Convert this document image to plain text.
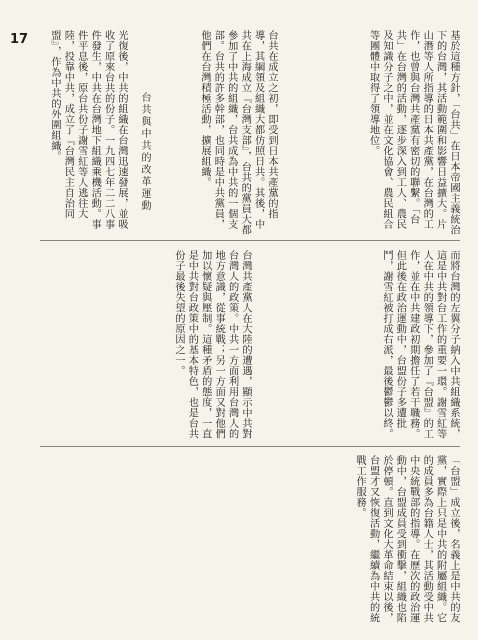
17	基於這種方針，「台共」在日本帝國主義統治下的台灣，其活動範圍和影響日益擴大。片山潛等人所指導的日本共產黨，在台灣的工作，也曾與台灣共產黨有密切的聯繫。「台共」在台灣的活動，逐步深入到工人、農民及知識分子之中，並在文化協會、農民組合等團體中取得了領導地位。
台共在成立之初，即受到日本共產黨的指導，其綱領及組織大都仿照日共。其後，中共在上海成立『台灣支部』，台共的黨員大都參加了中共的組織，台共成為中共的一個支部。台共的許多幹部，也同時是中共黨員，他們在台灣積極活動，擴展組織。
台共與中共的改革運動
光復後，中共的組織在台灣迅速發展，並吸收了原來台共的份子。一九四七年二二八事件發生，中共在台灣地下組織乘機活動。事件平息後，原台共份子謝雪紅等人逃往大陸，投靠中共，成立了『台灣民主自治同盟』，作為中共的外圍組織。
而將台灣的左翼分子納入中共組織系統，這是中共對台工作的重要一環。謝雪紅等人在中共的領導下，參加了『台盟』的工作，並在中共建政初期擔任了若干職務。但此後在政治運動中，台盟份子多遭批鬥，謝雪紅被打成右派，最後鬱鬱以終。
台灣共產黨人在大陸的遭遇，顯示中共對台灣人的政策。中共一方面利用台灣人的地方意識，從事統戰；另一方面又對他們加以懷疑與壓制。這種矛盾的態度，一直是中共對台政策中的基本特色，也是台共份子最後失望的原因之一。
「台盟」成立後，名義上是中共的友黨，實際上只是中共的附屬組織。它的成員多為台籍人士，其活動受中共中央統戰部的指導。在歷次的政治運動中，台盟成員受到衝擊，組織也陷於停頓。直到文化大革命結束以後，台盟才又恢復活動，繼續為中共的統戰工作服務。
